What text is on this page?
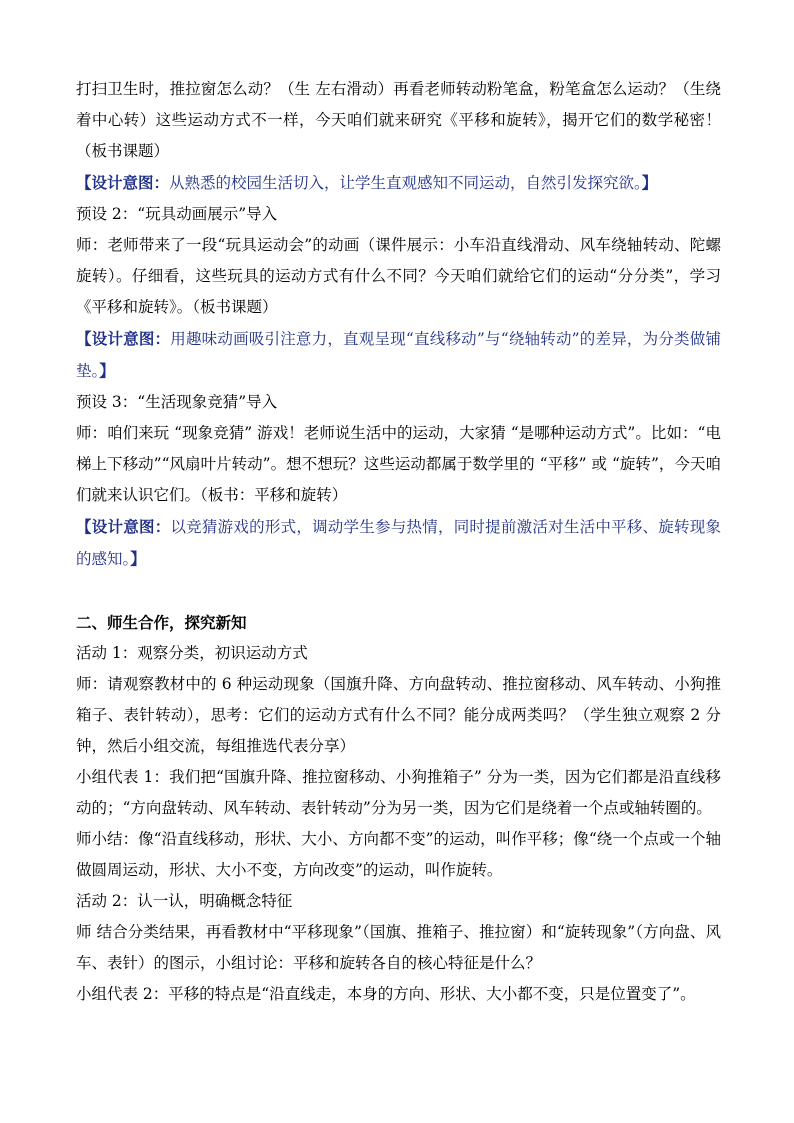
打扫卫生时，推拉窗怎么动？（生 左右滑动）再看老师转动粉笔盒，粉笔盒怎么运动？（生绕着中心转）这些运动方式不一样，今天咱们就来研究《平移和旋转》，揭开它们的数学秘密！（板书课题）

【设计意图：从熟悉的校园生活切入，让学生直观感知不同运动，自然引发探究欲。】

预设 2：“玩具动画展示”导入

师：老师带来了一段“玩具运动会”的动画（课件展示：小车沿直线滑动、风车绕轴转动、陀螺旋转）。仔细看，这些玩具的运动方式有什么不同？今天咱们就给它们的运动“分分类”，学习《平移和旋转》。（板书课题）

【设计意图：用趣味动画吸引注意力，直观呈现“直线移动”与“绕轴转动”的差异，为分类做铺垫。】

预设 3：“生活现象竞猜”导入

师：咱们来玩 “现象竞猜” 游戏！老师说生活中的运动，大家猜 “是哪种运动方式”。比如：“电梯上下移动”“风扇叶片转动”。想不想玩？这些运动都属于数学里的 “平移” 或 “旋转”，今天咱们就来认识它们。（板书：平移和旋转）

【设计意图：以竞猜游戏的形式，调动学生参与热情，同时提前激活对生活中平移、旋转现象的感知。】

二、师生合作，探究新知

活动 1：观察分类，初识运动方式

师：请观察教材中的 6 种运动现象（国旗升降、方向盘转动、推拉窗移动、风车转动、小狗推箱子、表针转动），思考：它们的运动方式有什么不同？能分成两类吗？（学生独立观察 2 分钟，然后小组交流，每组推选代表分享）

小组代表 1：我们把“国旗升降、推拉窗移动、小狗推箱子” 分为一类，因为它们都是沿直线移动的；“方向盘转动、风车转动、表针转动”分为另一类，因为它们是绕着一个点或轴转圈的。

师小结：像“沿直线移动，形状、大小、方向都不变”的运动，叫作平移；像“绕一个点或一个轴做圆周运动，形状、大小不变，方向改变”的运动，叫作旋转。

活动 2：认一认，明确概念特征

师 结合分类结果，再看教材中“平移现象”（国旗、推箱子、推拉窗）和“旋转现象”（方向盘、风车、表针）的图示，小组讨论：平移和旋转各自的核心特征是什么？

小组代表 2：平移的特点是“沿直线走，本身的方向、形状、大小都不变，只是位置变了”。
